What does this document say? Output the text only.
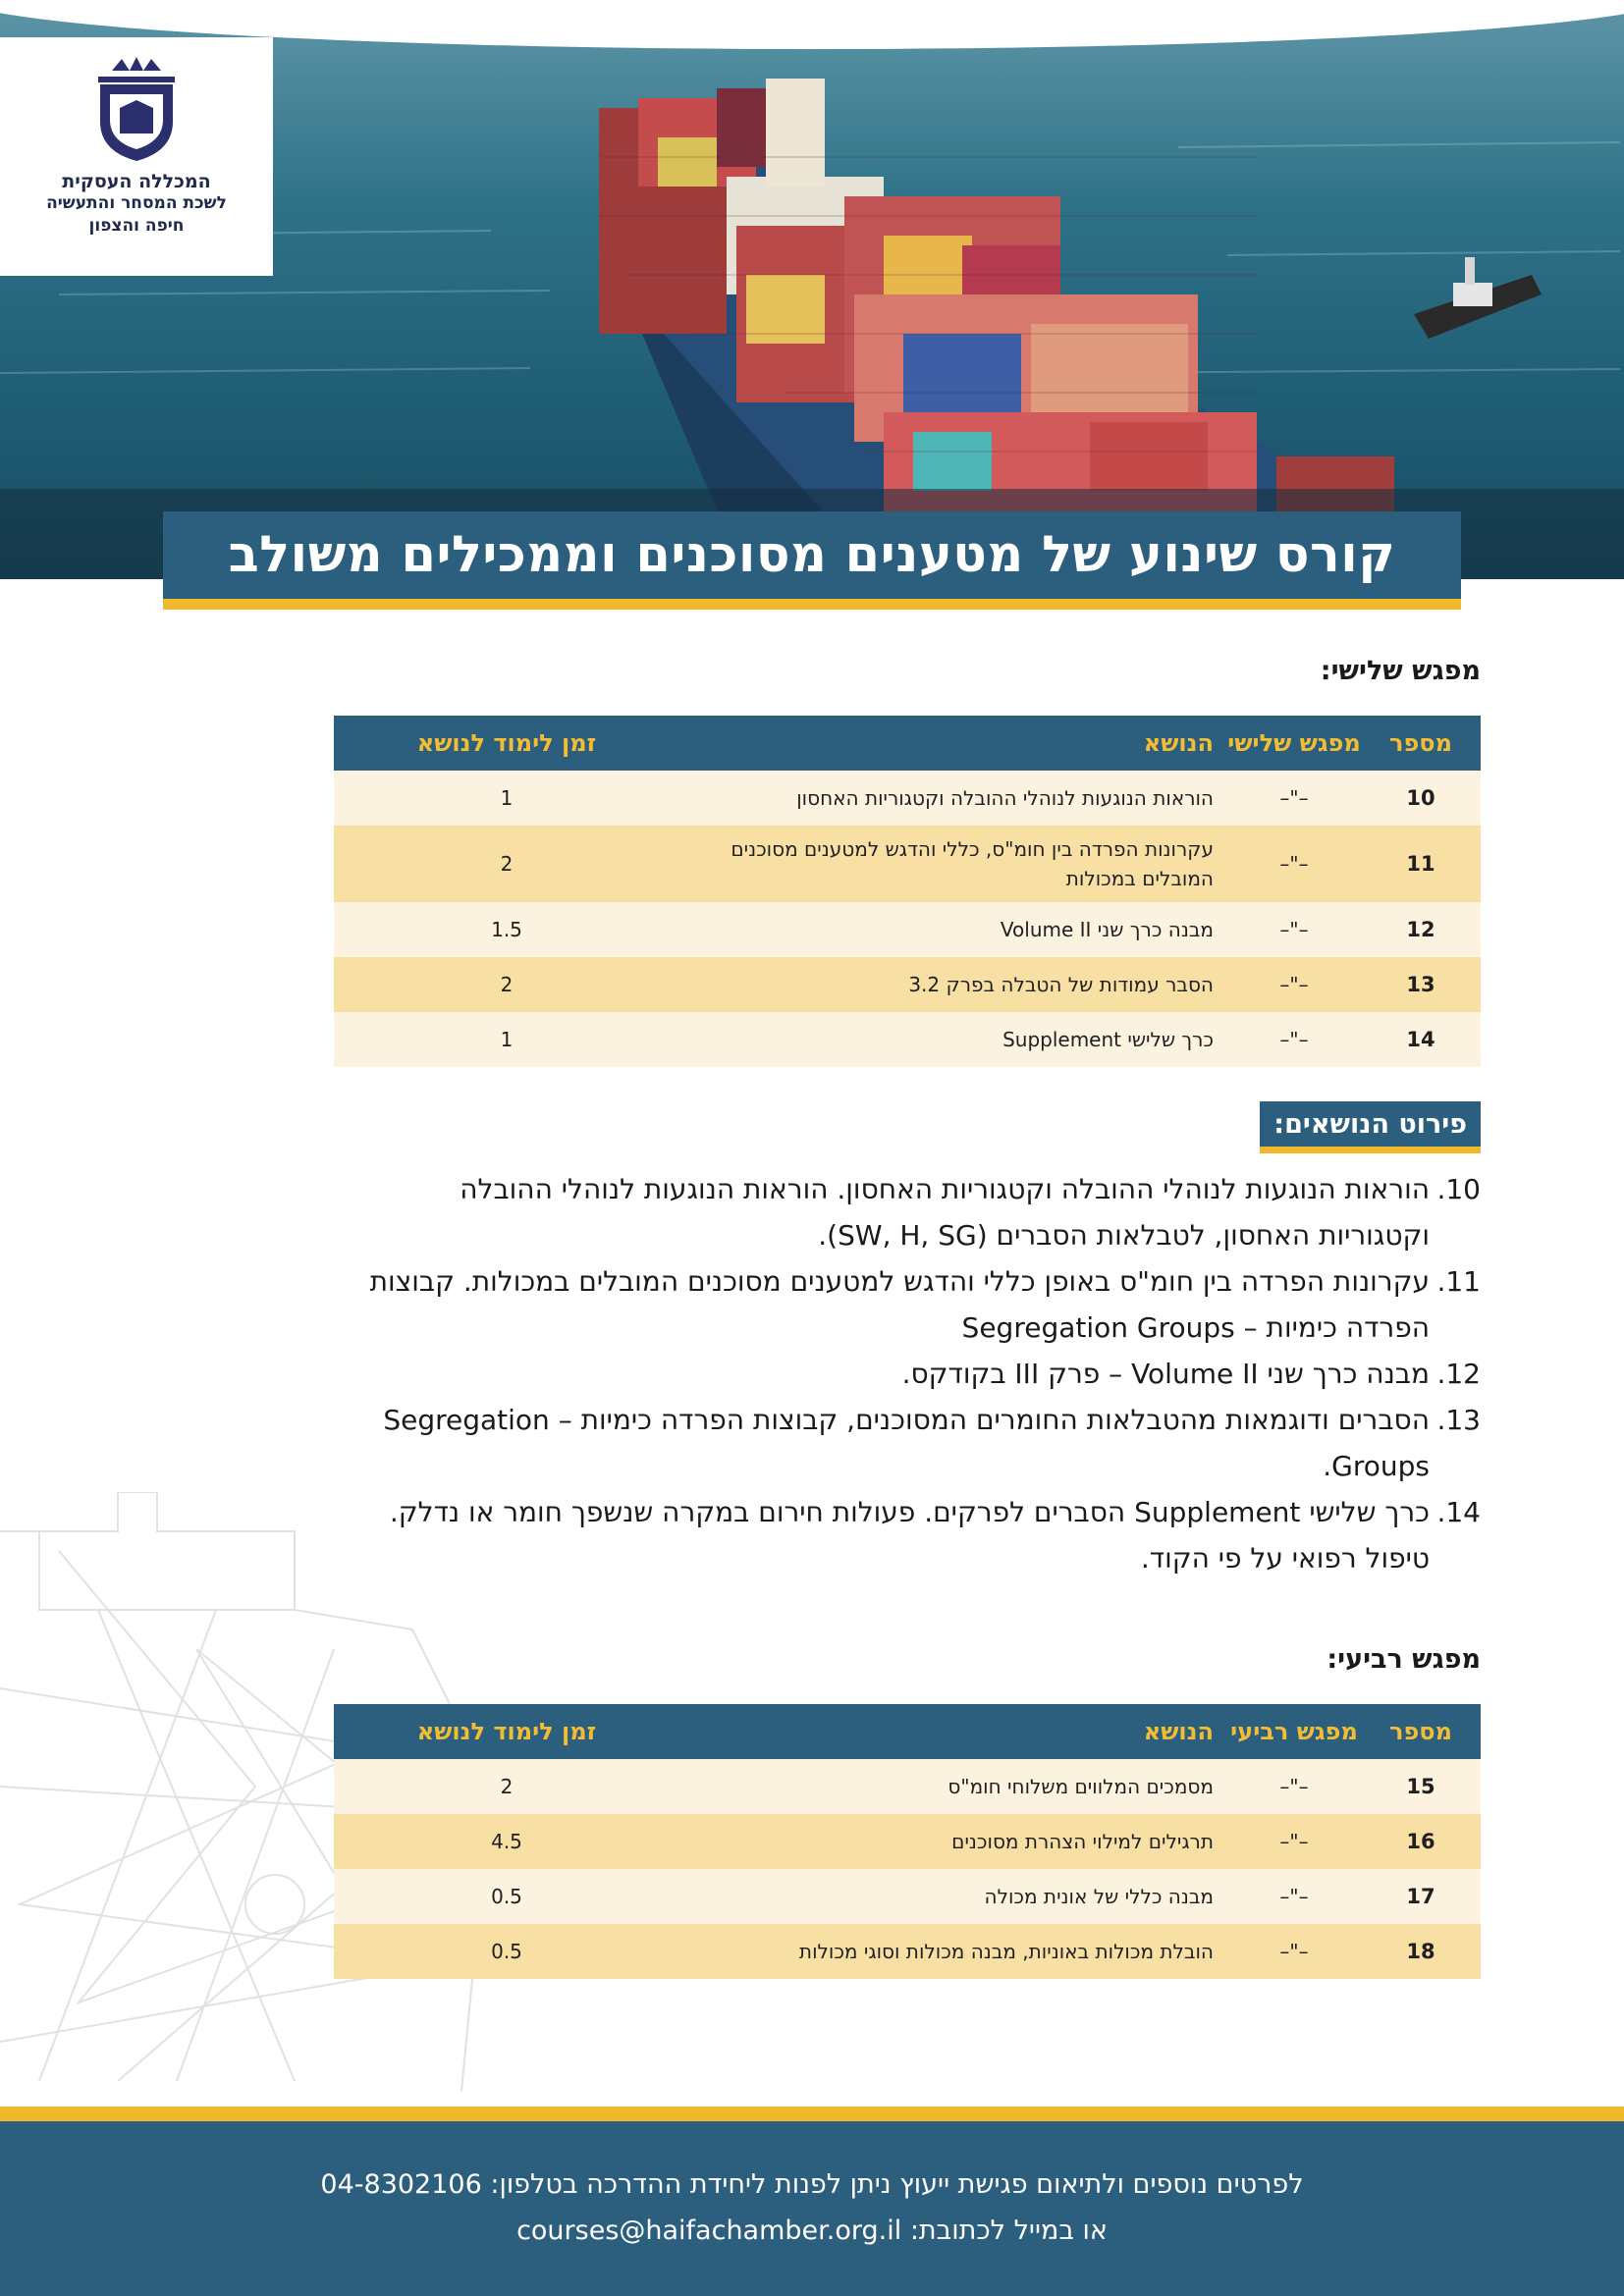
המכללה העסקית
לשכת המסחר והתעשיה
חיפה והצפון
קורס שינוע של מטענים מסוכנים וממכילים משולב
מפגש שלישי:
מספר
מפגש שלישי
הנושא
זמן לימוד לנושא
10
–"–
הוראות הנוגעות לנוהלי ההובלה וקטגוריות האחסון
1
11
–"–
עקרונות הפרדה בין חומ"ס, כללי והדגש למטענים מסוכנים המובלים במכולות
2
12
–"–
מבנה כרך שני Volume II
1.5
13
–"–
הסבר עמודות של הטבלה בפרק 3.2
2
14
–"–
כרך שלישי Supplement
1
פירוט הנושאים:
10.
הוראות הנוגעות לנוהלי ההובלה וקטגוריות האחסון. הוראות הנוגעות לנוהלי ההובלה וקטגוריות האחסון, לטבלאות הסברים (SW, H, SG).
11.
עקרונות הפרדה בין חומ"ס באופן כללי והדגש למטענים מסוכנים המובלים במכולות. קבוצות הפרדה כימיות – Segregation Groups
12.
מבנה כרך שני Volume II – פרק III בקודקס.
13.
הסברים ודוגמאות מהטבלאות החומרים המסוכנים, קבוצות הפרדה כימיות – Segregation Groups.
14.
כרך שלישי Supplement הסברים לפרקים. פעולות חירום במקרה שנשפך חומר או נדלק. טיפול רפואי על פי הקוד.
מפגש רביעי:
מספר
מפגש רביעי
הנושא
זמן לימוד לנושא
15
–"–
מסמכים המלווים משלוחי חומ"ס
2
16
–"–
תרגילים למילוי הצהרת מסוכנים
4.5
17
–"–
מבנה כללי של אונית מכולה
0.5
18
–"–
הובלת מכולות באוניות, מבנה מכולות וסוגי מכולות
0.5
לפרטים נוספים ולתיאום פגישת ייעוץ ניתן לפנות ליחידת ההדרכה בטלפון: 04-8302106
או במייל לכתובת: courses@haifachamber.org.il
